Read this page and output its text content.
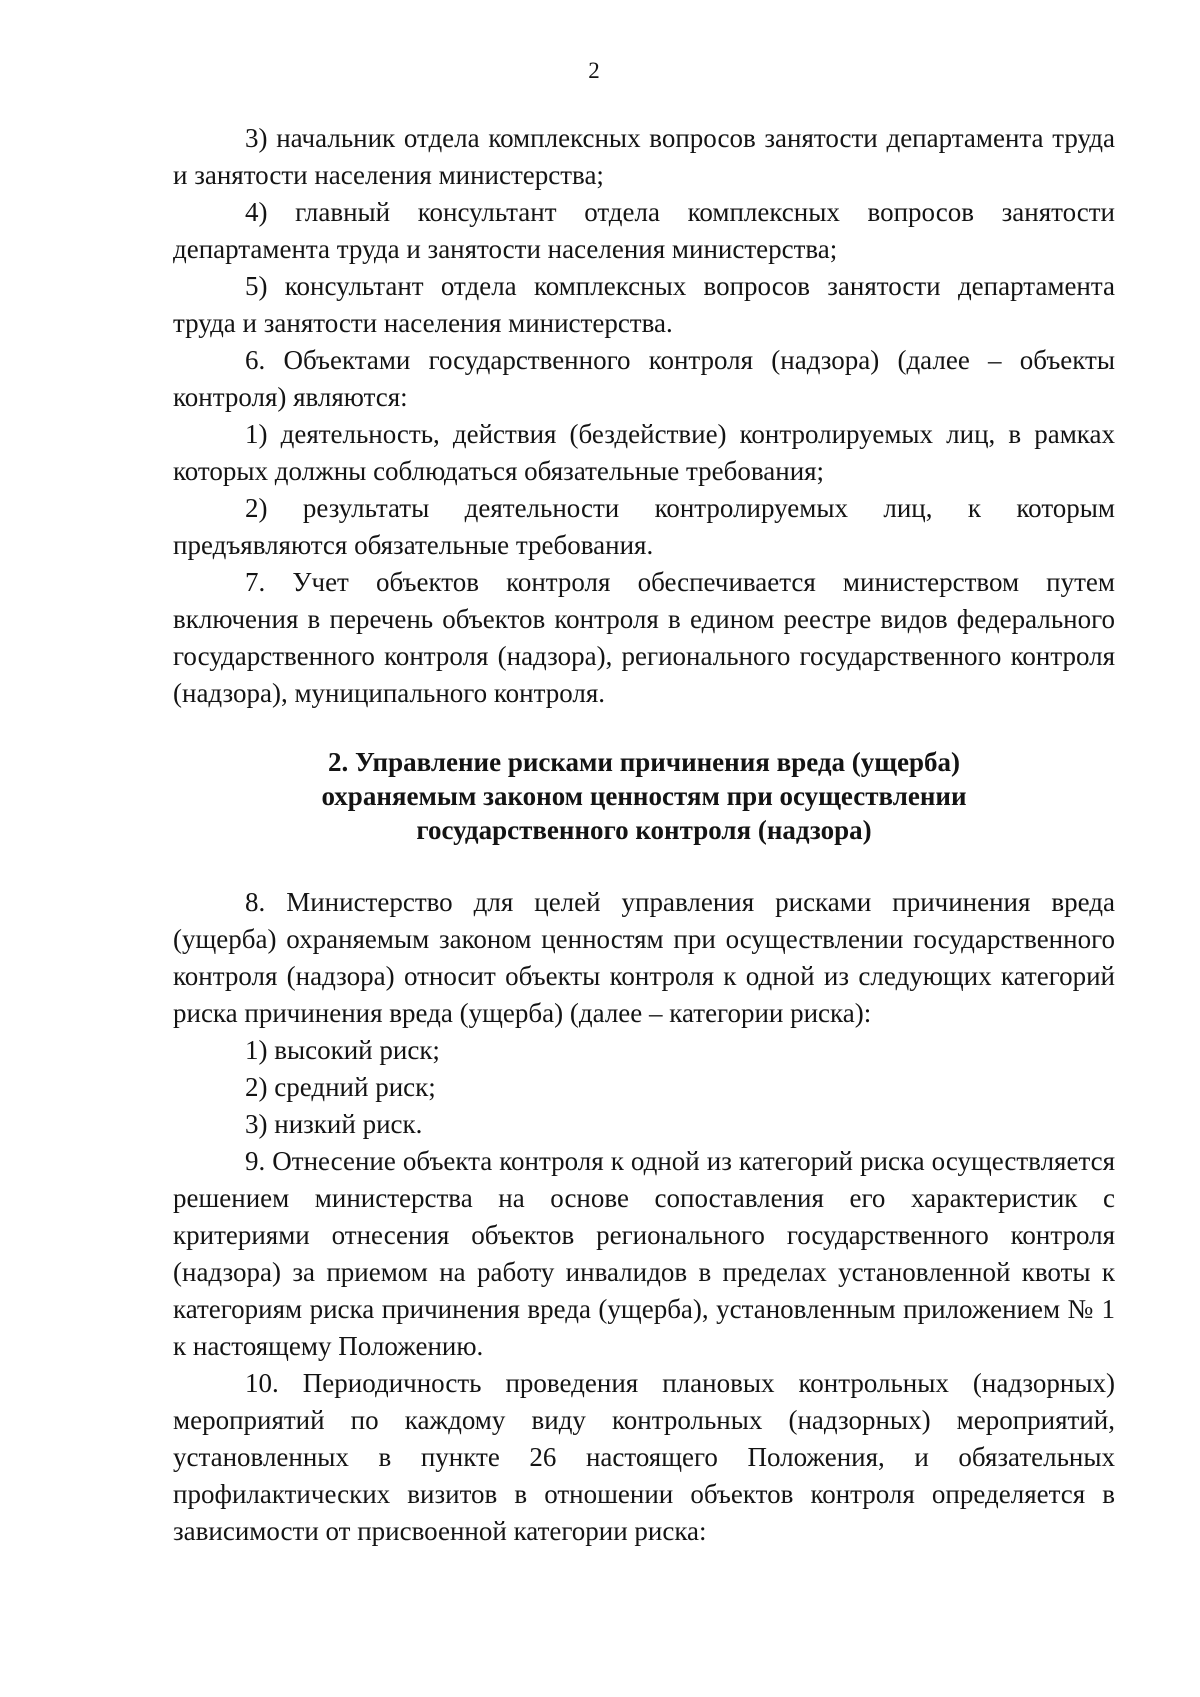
2

3) начальник отдела комплексных вопросов занятости департамента труда и занятости населения министерства;

4) главный консультант отдела комплексных вопросов занятости департамента труда и занятости населения министерства;

5) консультант отдела комплексных вопросов занятости департамента труда и занятости населения министерства.

6. Объектами государственного контроля (надзора) (далее – объекты контроля) являются:

1) деятельность, действия (бездействие) контролируемых лиц, в рамках которых должны соблюдаться обязательные требования;

2) результаты деятельности контролируемых лиц, к которым предъявляются обязательные требования.

7. Учет объектов контроля обеспечивается министерством путем включения в перечень объектов контроля в едином реестре видов федерального государственного контроля (надзора), регионального государственного контроля (надзора), муниципального контроля.

2. Управление рисками причинения вреда (ущерба)
охраняемым законом ценностям при осуществлении
государственного контроля (надзора)

8. Министерство для целей управления рисками причинения вреда (ущерба) охраняемым законом ценностям при осуществлении государственного контроля (надзора) относит объекты контроля к одной из следующих категорий риска причинения вреда (ущерба) (далее – категории риска):

1) высокий риск;

2) средний риск;

3) низкий риск.

9. Отнесение объекта контроля к одной из категорий риска осуществляется решением министерства на основе сопоставления его характеристик с критериями отнесения объектов регионального государственного контроля (надзора) за приемом на работу инвалидов в пределах установленной квоты к категориям риска причинения вреда (ущерба), установленным приложением № 1 к настоящему Положению.

10. Периодичность проведения плановых контрольных (надзорных) мероприятий по каждому виду контрольных (надзорных) мероприятий, установленных в пункте 26 настоящего Положения, и обязательных профилактических визитов в отношении объектов контроля определяется в зависимости от присвоенной категории риска:
